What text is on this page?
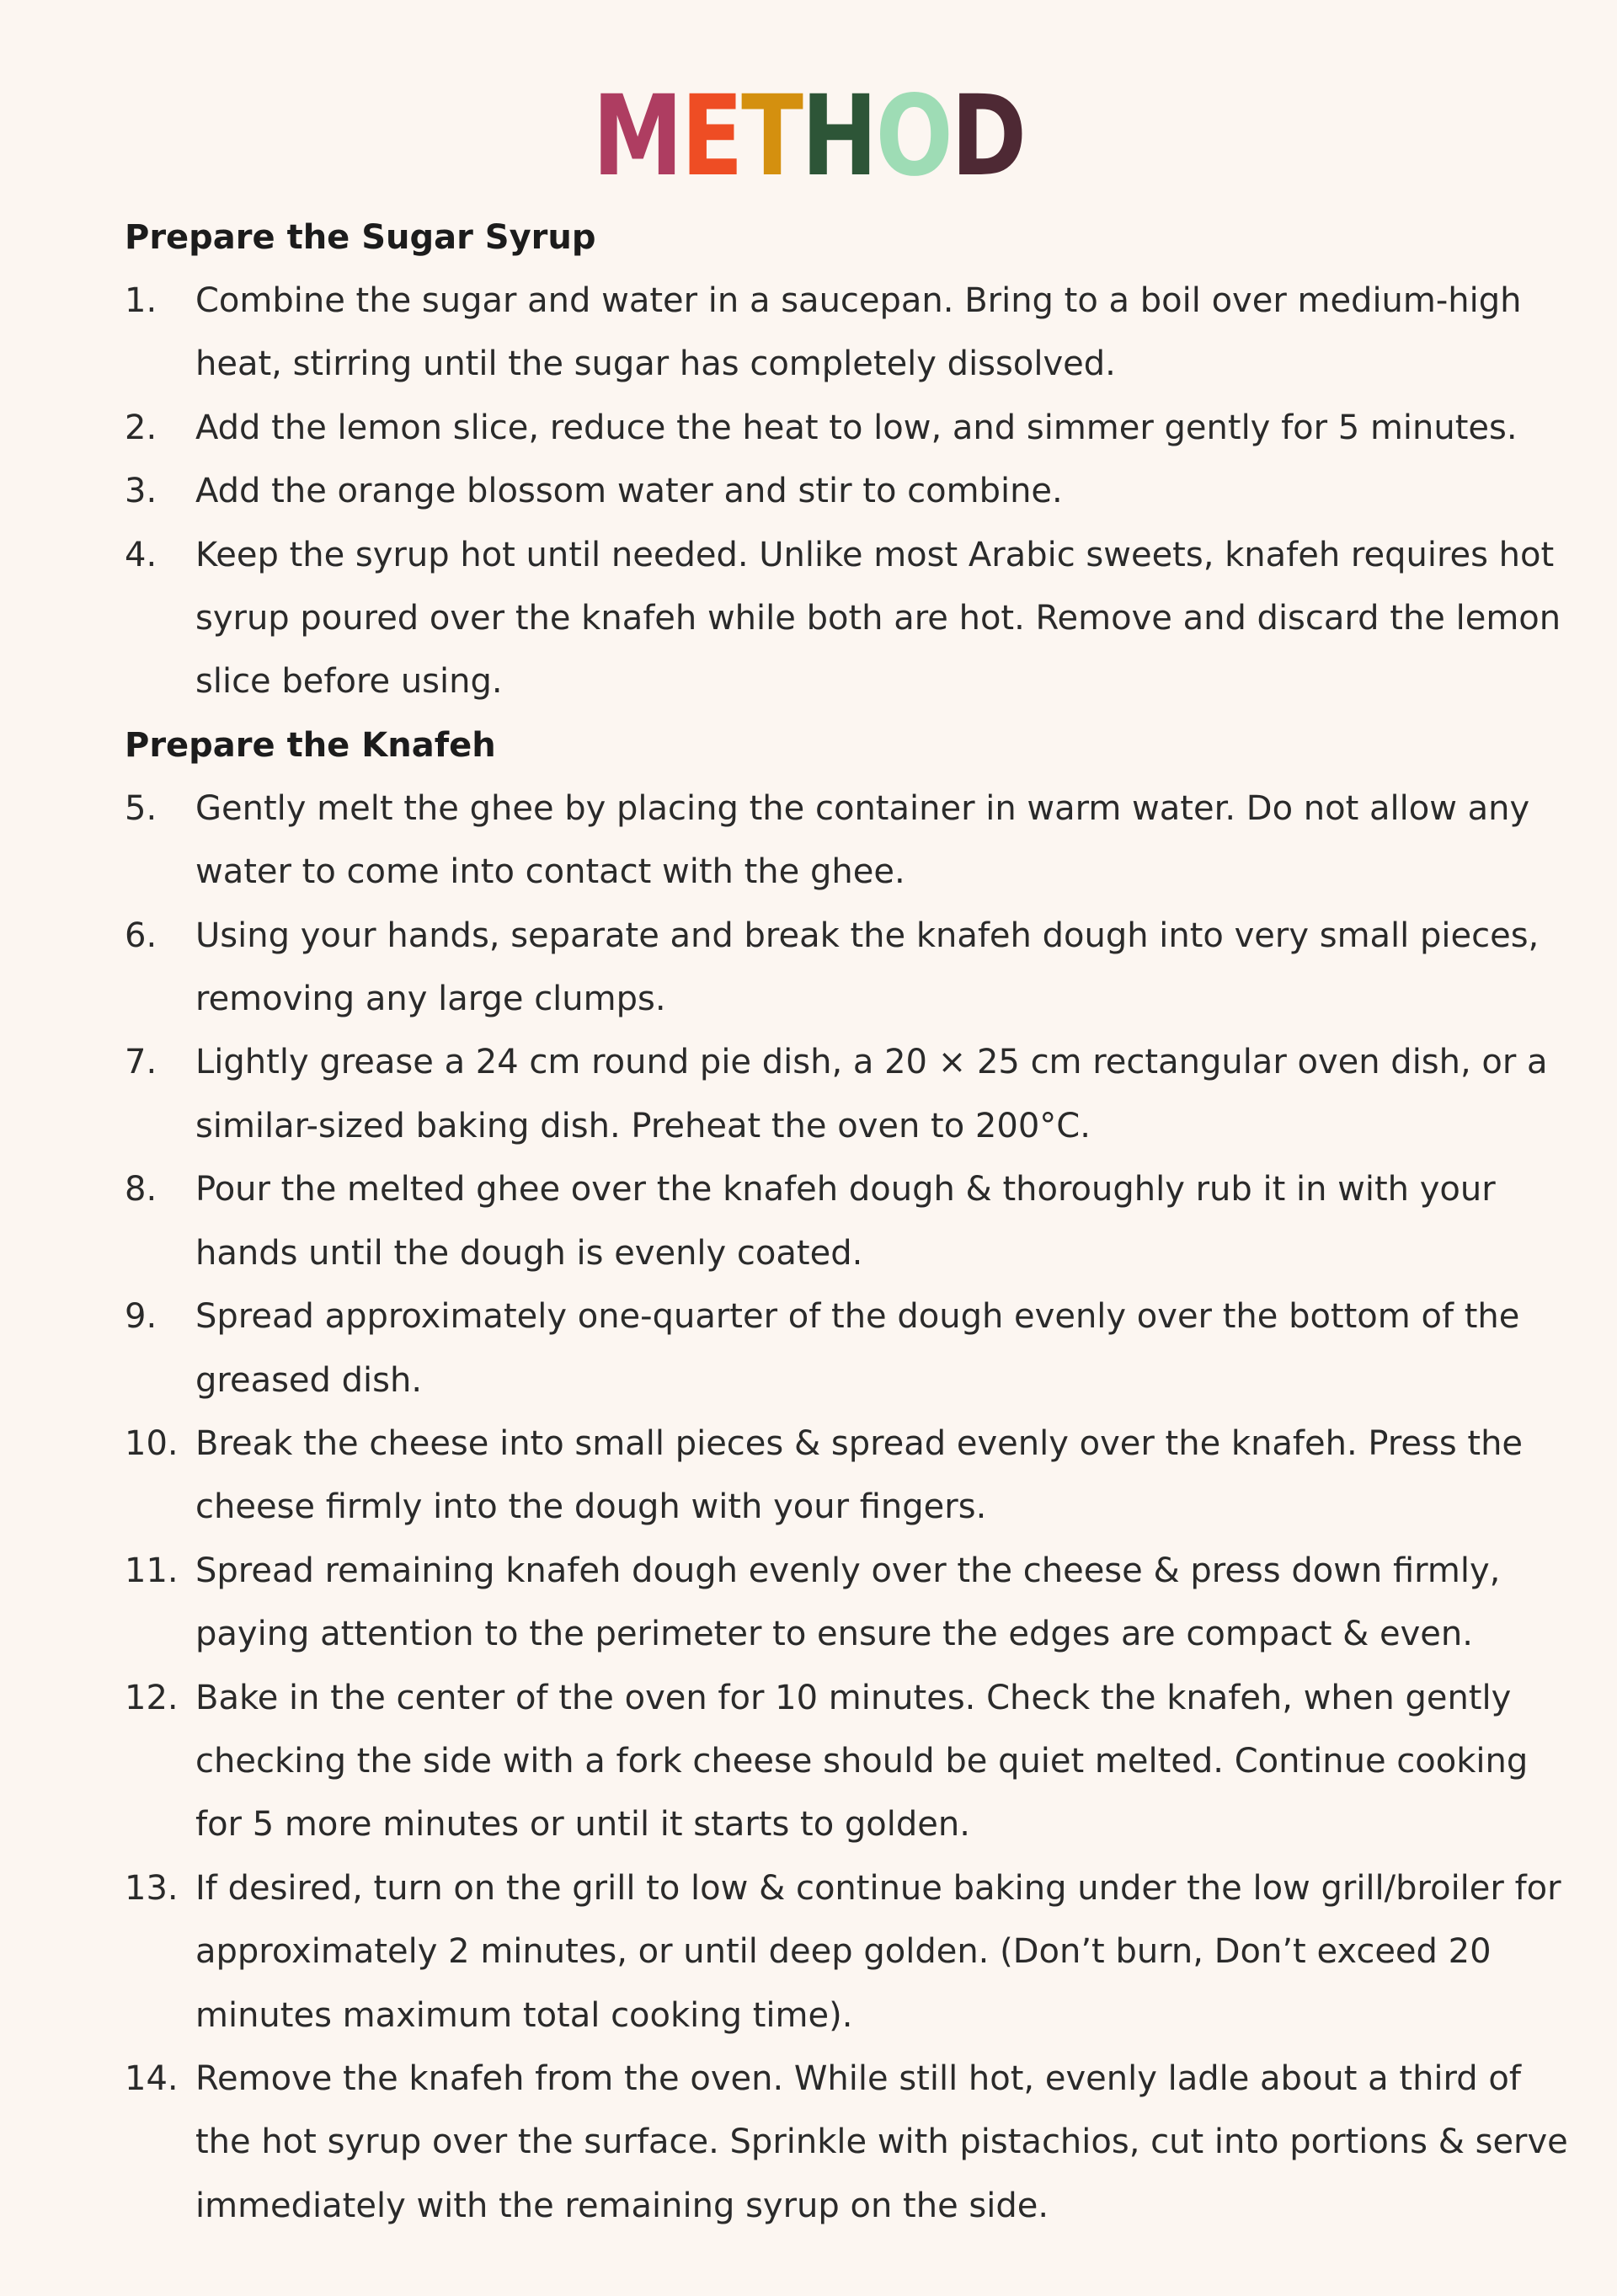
METHOD
Prepare the Sugar Syrup
1. Combine the sugar and water in a saucepan. Bring to a boil over medium-high heat, stirring until the sugar has completely dissolved.
2. Add the lemon slice, reduce the heat to low, and simmer gently for 5 minutes.
3. Add the orange blossom water and stir to combine.
4. Keep the syrup hot until needed. Unlike most Arabic sweets, knafeh requires hot syrup poured over the knafeh while both are hot. Remove and discard the lemon slice before using.
Prepare the Knafeh
5. Gently melt the ghee by placing the container in warm water. Do not allow any water to come into contact with the ghee.
6. Using your hands, separate and break the knafeh dough into very small pieces, removing any large clumps.
7. Lightly grease a 24 cm round pie dish, a 20 × 25 cm rectangular oven dish, or a similar-sized baking dish. Preheat the oven to 200°C.
8. Pour the melted ghee over the knafeh dough & thoroughly rub it in with your hands until the dough is evenly coated.
9. Spread approximately one-quarter of the dough evenly over the bottom of the greased dish.
10. Break the cheese into small pieces & spread evenly over the knafeh. Press the cheese firmly into the dough with your fingers.
11. Spread remaining knafeh dough evenly over the cheese & press down firmly, paying attention to the perimeter to ensure the edges are compact & even.
12. Bake in the center of the oven for 10 minutes. Check the knafeh, when gently checking the side with a fork cheese should be quiet melted. Continue cooking for 5 more minutes or until it starts to golden.
13. If desired, turn on the grill to low & continue baking under the low grill/broiler for approximately 2 minutes, or until deep golden. (Don’t burn, Don’t exceed 20 minutes maximum total cooking time).
14. Remove the knafeh from the oven. While still hot, evenly ladle about a third of the hot syrup over the surface. Sprinkle with pistachios, cut into portions & serve immediately with the remaining syrup on the side.
